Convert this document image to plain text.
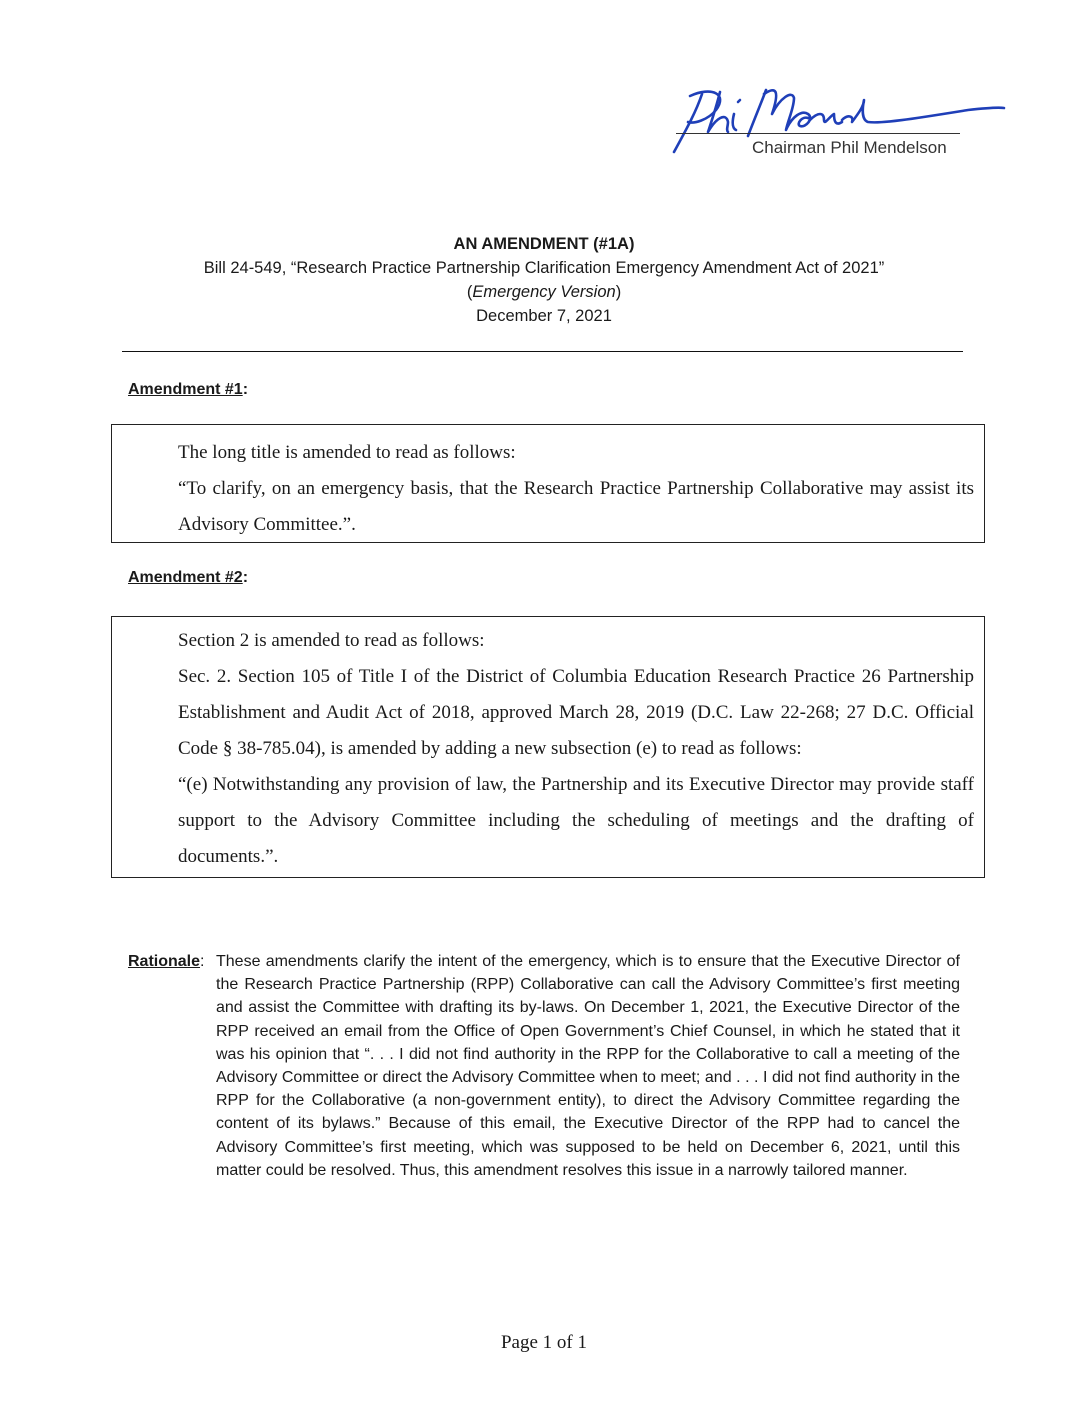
Chairman Phil Mendelson
AN AMENDMENT (#1A)
Bill 24-549, “Research Practice Partnership Clarification Emergency Amendment Act of 2021”
(Emergency Version)
December 7, 2021
Amendment #1:

The long title is amended to read as follows:

“To clarify, on an emergency basis, that the Research Practice Partnership Collaborative may assist its Advisory Committee.”.

Amendment #2:

Section 2 is amended to read as follows:

Sec. 2. Section 105 of Title I of the District of Columbia Education Research Practice 26 Partnership Establishment and Audit Act of 2018, approved March 28, 2019 (D.C. Law 22-268; 27 D.C. Official Code § 38-785.04), is amended by adding a new subsection (e) to read as follows:

“(e) Notwithstanding any provision of law, the Partnership and its Executive Director may provide staff support to the Advisory Committee including the scheduling of meetings and the drafting of documents.”.

Rationale: These amendments clarify the intent of the emergency, which is to ensure that the Executive Director of the Research Practice Partnership (RPP) Collaborative can call the Advisory Committee’s first meeting and assist the Committee with drafting its by-laws. On December 1, 2021, the Executive Director of the RPP received an email from the Office of Open Government’s Chief Counsel, in which he stated that it was his opinion that “. . . I did not find authority in the RPP for the Collaborative to call a meeting of the Advisory Committee or direct the Advisory Committee when to meet; and . . . I did not find authority in the RPP for the Collaborative (a non-government entity), to direct the Advisory Committee regarding the content of its bylaws.” Because of this email, the Executive Director of the RPP had to cancel the Advisory Committee’s first meeting, which was supposed to be held on December 6, 2021, until this matter could be resolved. Thus, this amendment resolves this issue in a narrowly tailored manner.
Page 1 of 1
